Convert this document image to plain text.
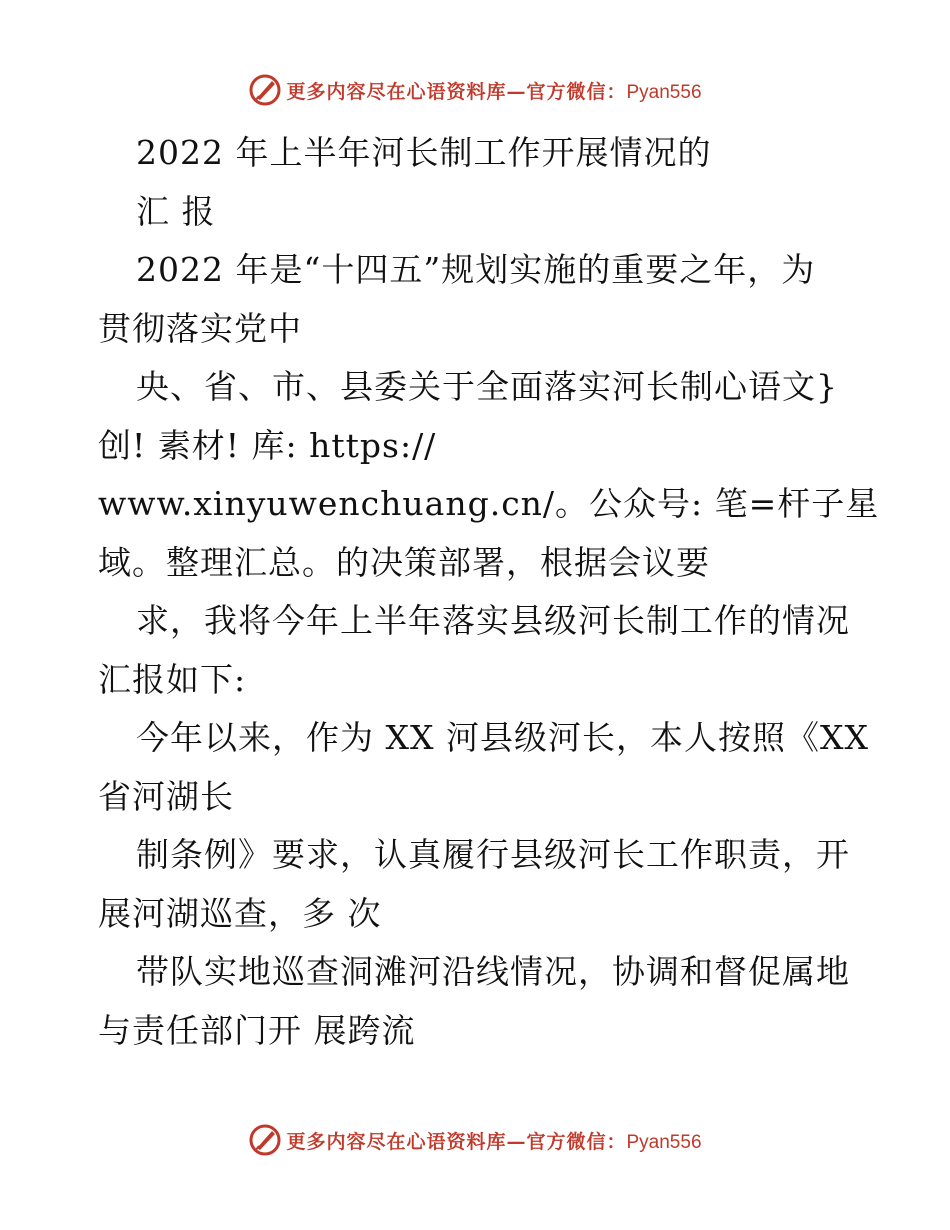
更多内容尽在心语资料库—官方微信：Pyan556
2022 年上半年河长制工作开展情况的
汇 报
2022 年是“十四五”规划实施的重要之年，为
贯彻落实党中
央、省、市、县委关于全面落实河长制心语文}
创! 素材! 库: https://
www.xinyuwenchuang.cn/。公众号: 笔=杆子星
域。整理汇总。的决策部署，根据会议要
求，我将今年上半年落实县级河长制工作的情况
汇报如下:
今年以来，作为 XX 河县级河长，本人按照《XX
省河湖长
制条例》要求，认真履行县级河长工作职责，开
展河湖巡查，多 次
带队实地巡查洞滩河沿线情况，协调和督促属地
与责任部门开 展跨流
更多内容尽在心语资料库—官方微信：Pyan556
